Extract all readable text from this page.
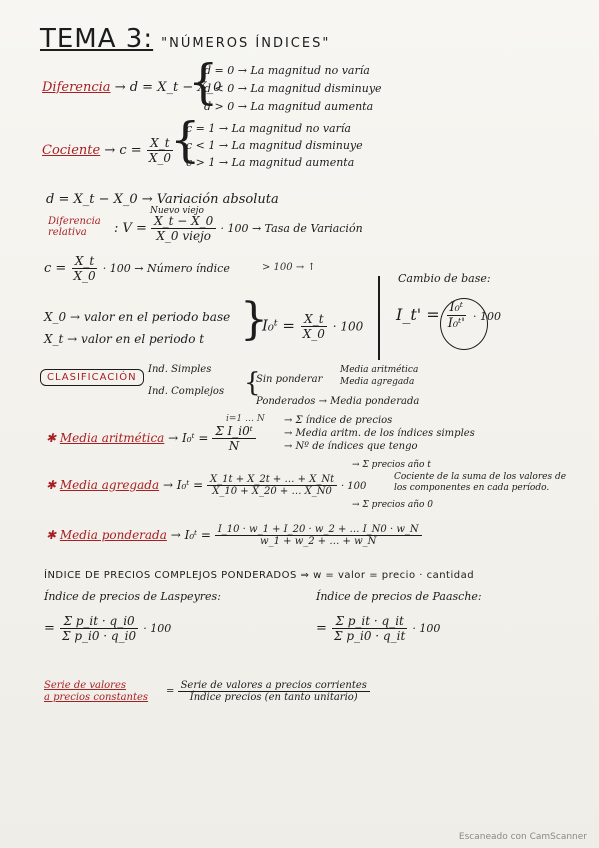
TEMA 3: "NÚMEROS ÍNDICES"
Diferencia → d = X_t − X_0
{
d = 0 → La magnitud no varía
d < 0 → La magnitud disminuye
d > 0 → La magnitud aumenta
Cociente → $c = \frac{X\_t}{X\_0}$
{
c = 1 → La magnitud no varía
c < 1 → La magnitud disminuye
c > 1 → La magnitud aumenta
d = X_t − X_0 → Variación absoluta
Diferencia
relativa
Nuevo viejo
: $V = \frac{X\_t - X\_0}{\text{X\_0 viejo}} \cdot 100$ → Tasa de Variación
$c = \frac{X\_t}{X\_0} \cdot 100$ → Número índice	> 100 → ↑
X_0 → valor en el periodo base
X_t → valor en el periodo t }
I₀ᵗ = $\frac{X\_t}{X\_0} \cdot 100$
Cambio de base:
I_t' = $\frac{\text{I₀ᵗ}}{\text{I₀ᵗ'}} \cdot 100$
CLASIFICACIÓN
Ind. Simples
Ind. Complejos {
Sin ponderar
Media aritmética
Media agregada
Ponderados → Media ponderada
✱ Media aritmética → I₀ᵗ = $\frac{\text{Σ I\_i0ᵗ}}{N}$
i=1 … N → Σ índice de precios
→ Media aritm. de los índices simples
→ Nº de índices que tengo
✱ Media agregada → I₀ᵗ = $\frac{X\_1t + X\_2t + \dots + X\_Nt}{X\_10 + X\_20 + \dots X\_N0} \cdot 100$
→ Σ precios año t
Cociente de la suma de los valores de los componentes en cada período.
→ Σ precios año 0
✱ Media ponderada → I₀ᵗ = $\frac{I\_10 \cdot w\_1 + I\_20 \cdot w\_2 + \dots I\_N0 \cdot w\_N}{w\_1 + w\_2 + \dots + w\_N}$
ÍNDICE DE PRECIOS COMPLEJOS PONDERADOS ⇒ w = valor = precio · cantidad
Índice de precios de Laspeyres:
= $\frac{\text{Σ p\_it · q\_i0}}{\text{Σ p\_i0 · q\_i0}} \cdot 100$
Índice de precios de Paasche:
= $\frac{\text{Σ p\_it · q\_it}}{\text{Σ p\_i0 · q\_it}} \cdot 100$
Serie de valores
a precios constantes
= $\frac{\text{Serie de valores a precios corrientes}}{\text{Índice precios (en tanto unitario)}}$
Escaneado con CamScanner
